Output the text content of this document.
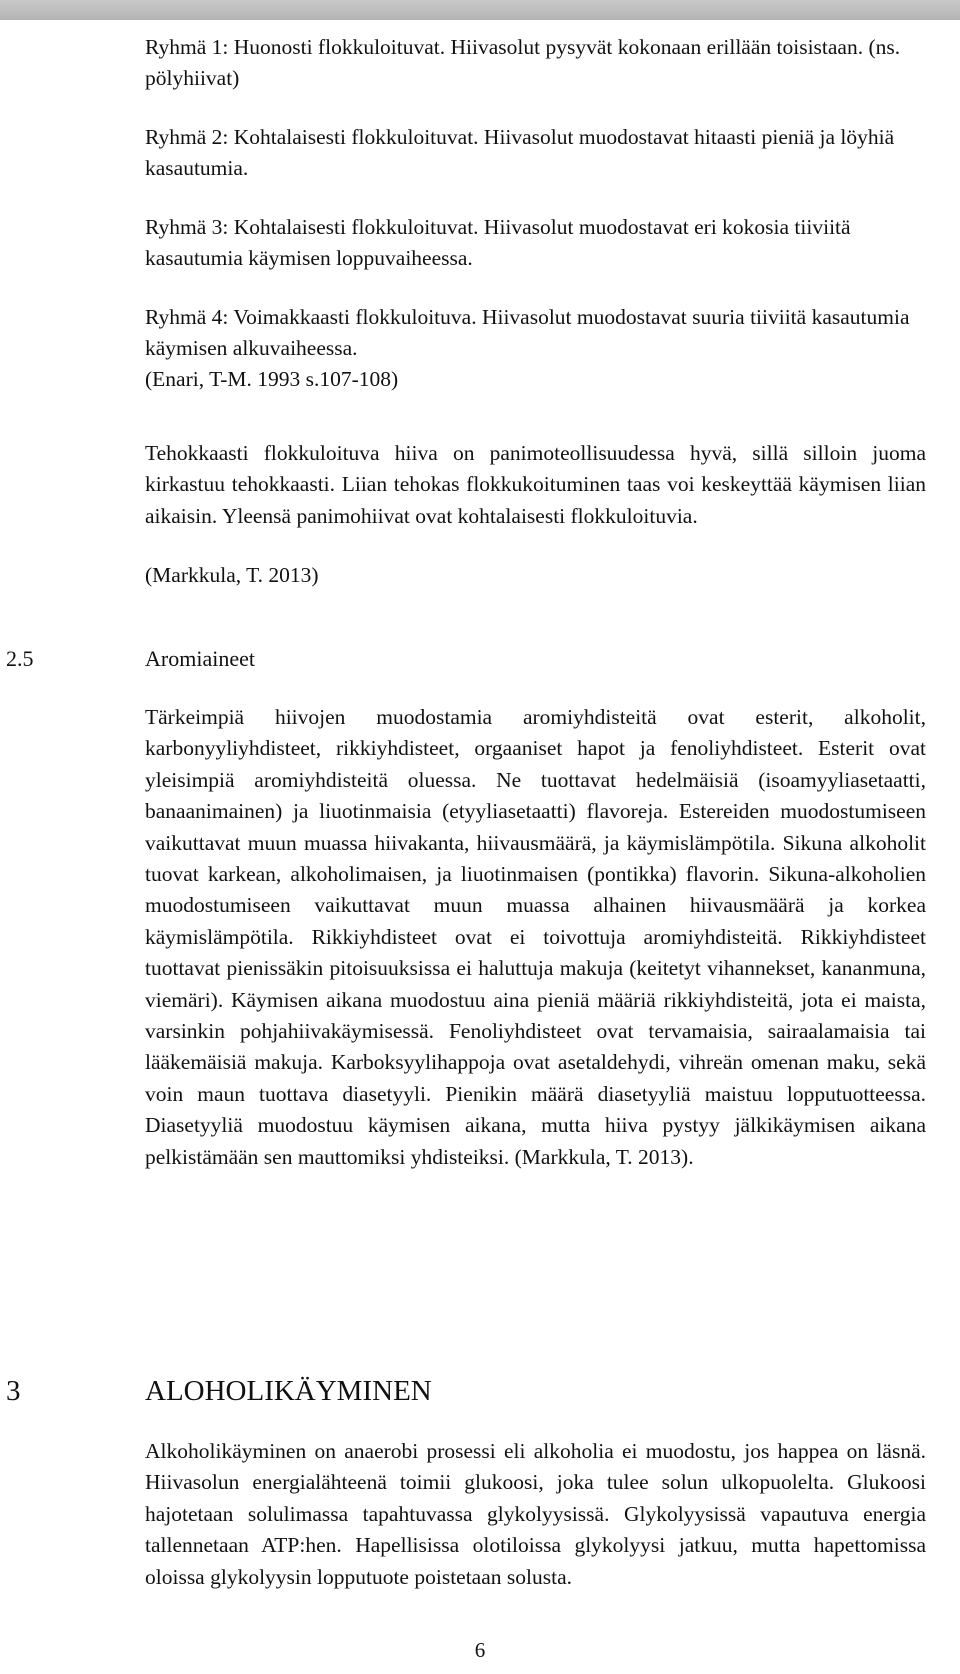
Ryhmä 1: Huonosti flokkuloituvat. Hiivasolut pysyvät kokonaan erillään toisistaan. (ns. pölyhiivat)

Ryhmä 2: Kohtalaisesti flokkuloituvat. Hiivasolut muodostavat hitaasti pieniä ja löyhiä kasautumia.

Ryhmä 3: Kohtalaisesti flokkuloituvat. Hiivasolut muodostavat eri kokosia tiiviitä kasautumia käymisen loppuvaiheessa.

Ryhmä 4: Voimakkaasti flokkuloituva. Hiivasolut muodostavat suuria tiiviitä kasautumia käymisen alkuvaiheessa.

(Enari, T-M. 1993 s.107-108)

Tehokkaasti flokkuloituva hiiva on panimoteollisuudessa hyvä, sillä silloin juoma kirkastuu tehokkaasti. Liian tehokas flokkukoituminen taas voi keskeyttää käymisen liian aikaisin. Yleensä panimohiivat ovat kohtalaisesti flokkuloituvia.

(Markkula, T. 2013)

2.5	Aromiaineet

Tärkeimpiä hiivojen muodostamia aromiyhdisteitä ovat esterit, alkoholit, karbonyyliyhdisteet, rikkiyhdisteet, orgaaniset hapot ja fenoliyhdisteet. Esterit ovat yleisimpiä aromiyhdisteitä oluessa. Ne tuottavat hedelmäisiä (isoamyyliasetaatti, banaanimainen) ja liuotinmaisia (etyyliasetaatti) flavoreja. Estereiden muodostumiseen vaikuttavat muun muassa hiivakanta, hiivausmäärä, ja käymislämpötila. Sikuna alkoholit tuovat karkean, alkoholimaisen, ja liuotinmaisen (pontikka) flavorin. Sikuna-alkoholien muodostumiseen vaikuttavat muun muassa alhainen hiivausmäärä ja korkea käymislämpötila. Rikkiyhdisteet ovat ei toivottuja aromiyhdisteitä. Rikkiyhdisteet tuottavat pienissäkin pitoisuuksissa ei haluttuja makuja (keitetyt vihannekset, kananmuna, viemäri). Käymisen aikana muodostuu aina pieniä määriä rikkiyhdisteitä, jota ei maista, varsinkin pohjahiivakäymisessä. Fenoliyhdisteet ovat tervamaisia, sairaalamaisia tai lääkemäisiä makuja. Karboksyylihappoja ovat asetaldehydi, vihreän omenan maku, sekä voin maun tuottava diasetyyli. Pienikin määrä diasetyyliä maistuu lopputuotteessa. Diasetyyliä muodostuu käymisen aikana, mutta hiiva pystyy jälkikäymisen aikana pelkistämään sen mauttomiksi yhdisteiksi. (Markkula, T. 2013).

3	ALOHOLIKÄYMINEN

Alkoholikäyminen on anaerobi prosessi eli alkoholia ei muodostu, jos happea on läsnä. Hiivasolun energialähteenä toimii glukoosi, joka tulee solun ulkopuolelta. Glukoosi hajotetaan solulimassa tapahtuvassa glykolyysissä. Glykolyysissä vapautuva energia tallennetaan ATP:hen. Hapellisissa olotiloissa glykolyysi jatkuu, mutta hapettomissa oloissa glykolyysin lopputuote poistetaan solusta.

6
